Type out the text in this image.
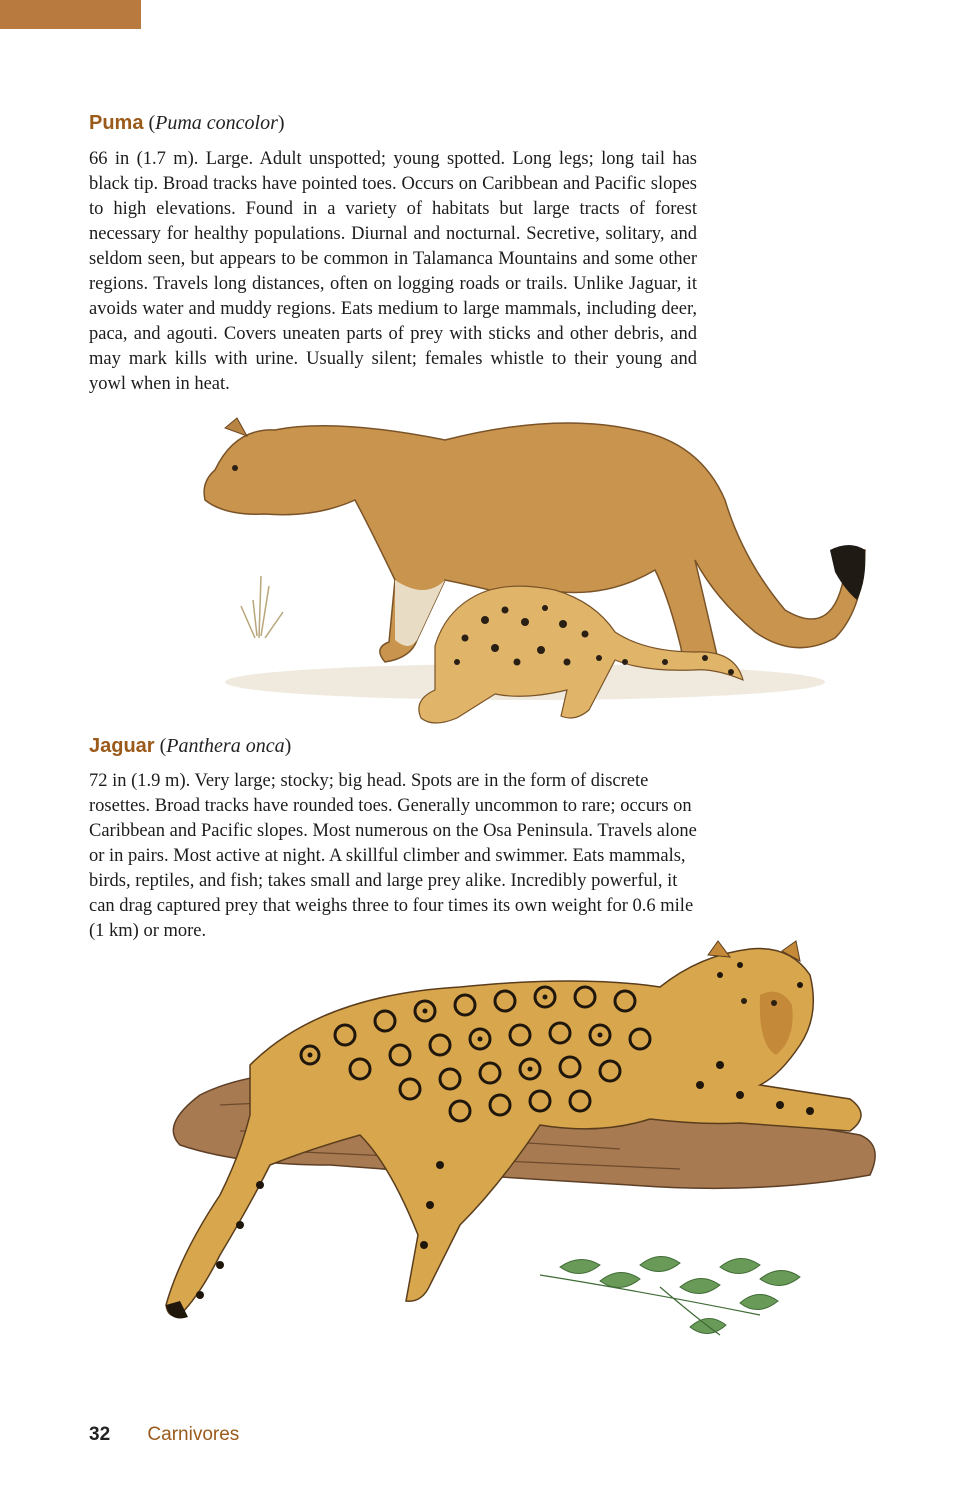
Puma (Puma concolor)

66 in (1.7 m). Large. Adult unspotted; young spotted. Long legs; long tail has black tip. Broad tracks have pointed toes. Occurs on Caribbean and Pacific slopes to high elevations. Found in a variety of habitats but large tracts of forest necessary for healthy populations. Diurnal and nocturnal. Secretive, solitary, and seldom seen, but appears to be common in Talamanca Mountains and some other regions. Travels long distances, often on logging roads or trails. Unlike Jaguar, it avoids water and muddy regions. Eats medium to large mammals, including deer, paca, and agouti. Covers uneaten parts of prey with sticks and other debris, and may mark kills with urine. Usually silent; females whistle to their young and yowl when in heat.

Jaguar (Panthera onca)

72 in (1.9 m). Very large; stocky; big head. Spots are in the form of discrete rosettes. Broad tracks have rounded toes. Generally uncommon to rare; occurs on Caribbean and Pacific slopes. Most numerous on the Osa Peninsula. Travels alone or in pairs. Most active at night. A skillful climber and swimmer. Eats mammals, birds, reptiles, and fish; takes small and large prey alike. Incredibly powerful, it can drag captured prey that weighs three to four times its own weight for 0.6 mile (1 km) or more.

32 Carnivores
